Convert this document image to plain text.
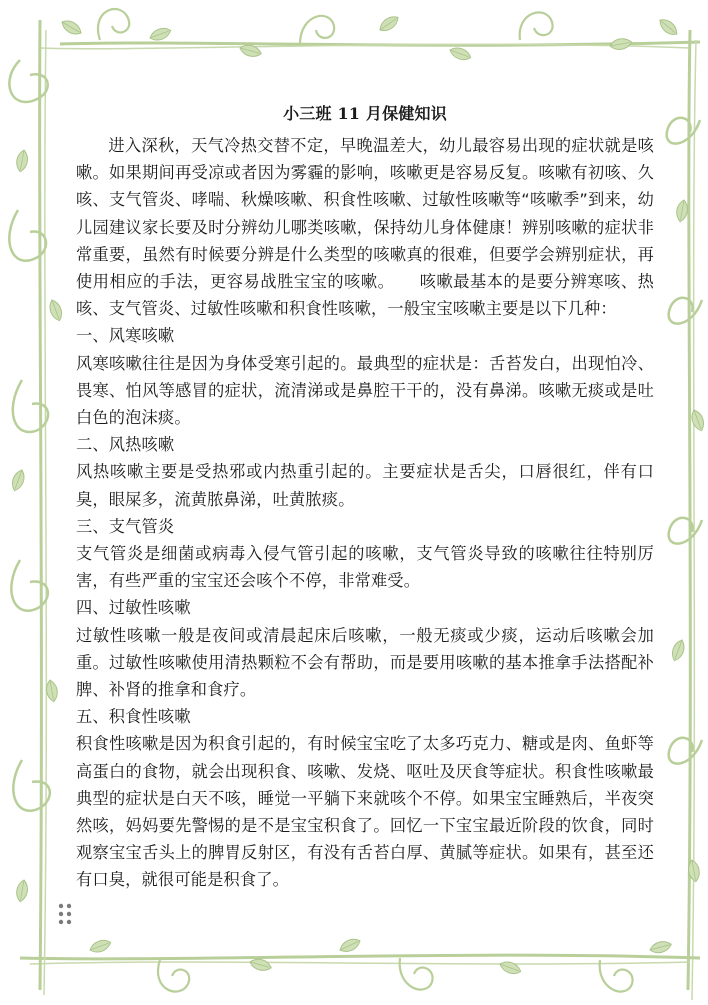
小三班 11 月保健知识

进入深秋，天气冷热交替不定，早晚温差大，幼儿最容易出现的症状就是咳嗽。如果期间再受凉或者因为雾霾的影响，咳嗽更是容易反复。咳嗽有初咳、久咳、支气管炎、哮喘、秋燥咳嗽、积食性咳嗽、过敏性咳嗽等“咳嗽季”到来，幼儿园建议家长要及时分辨幼儿哪类咳嗽，保持幼儿身体健康！辨别咳嗽的症状非常重要，虽然有时候要分辨是什么类型的咳嗽真的很难，但要学会辨别症状，再使用相应的手法，更容易战胜宝宝的咳嗽。　　咳嗽最基本的是要分辨寒咳、热咳、支气管炎、过敏性咳嗽和积食性咳嗽，一般宝宝咳嗽主要是以下几种：

一、风寒咳嗽

风寒咳嗽往往是因为身体受寒引起的。最典型的症状是：舌苔发白，出现怕冷、畏寒、怕风等感冒的症状，流清涕或是鼻腔干干的，没有鼻涕。咳嗽无痰或是吐白色的泡沫痰。

二、风热咳嗽

风热咳嗽主要是受热邪或内热重引起的。主要症状是舌尖，口唇很红，伴有口臭，眼屎多，流黄脓鼻涕，吐黄脓痰。

三、支气管炎

支气管炎是细菌或病毒入侵气管引起的咳嗽，支气管炎导致的咳嗽往往特别厉害，有些严重的宝宝还会咳个不停，非常难受。

四、过敏性咳嗽

过敏性咳嗽一般是夜间或清晨起床后咳嗽，一般无痰或少痰，运动后咳嗽会加重。过敏性咳嗽使用清热颗粒不会有帮助，而是要用咳嗽的基本推拿手法搭配补脾、补肾的推拿和食疗。

五、积食性咳嗽

积食性咳嗽是因为积食引起的，有时候宝宝吃了太多巧克力、糖或是肉、鱼虾等高蛋白的食物，就会出现积食、咳嗽、发烧、呕吐及厌食等症状。积食性咳嗽最典型的症状是白天不咳，睡觉一平躺下来就咳个不停。如果宝宝睡熟后，半夜突然咳，妈妈要先警惕的是不是宝宝积食了。回忆一下宝宝最近阶段的饮食，同时观察宝宝舌头上的脾胃反射区，有没有舌苔白厚、黄腻等症状。如果有，甚至还有口臭，就很可能是积食了。
